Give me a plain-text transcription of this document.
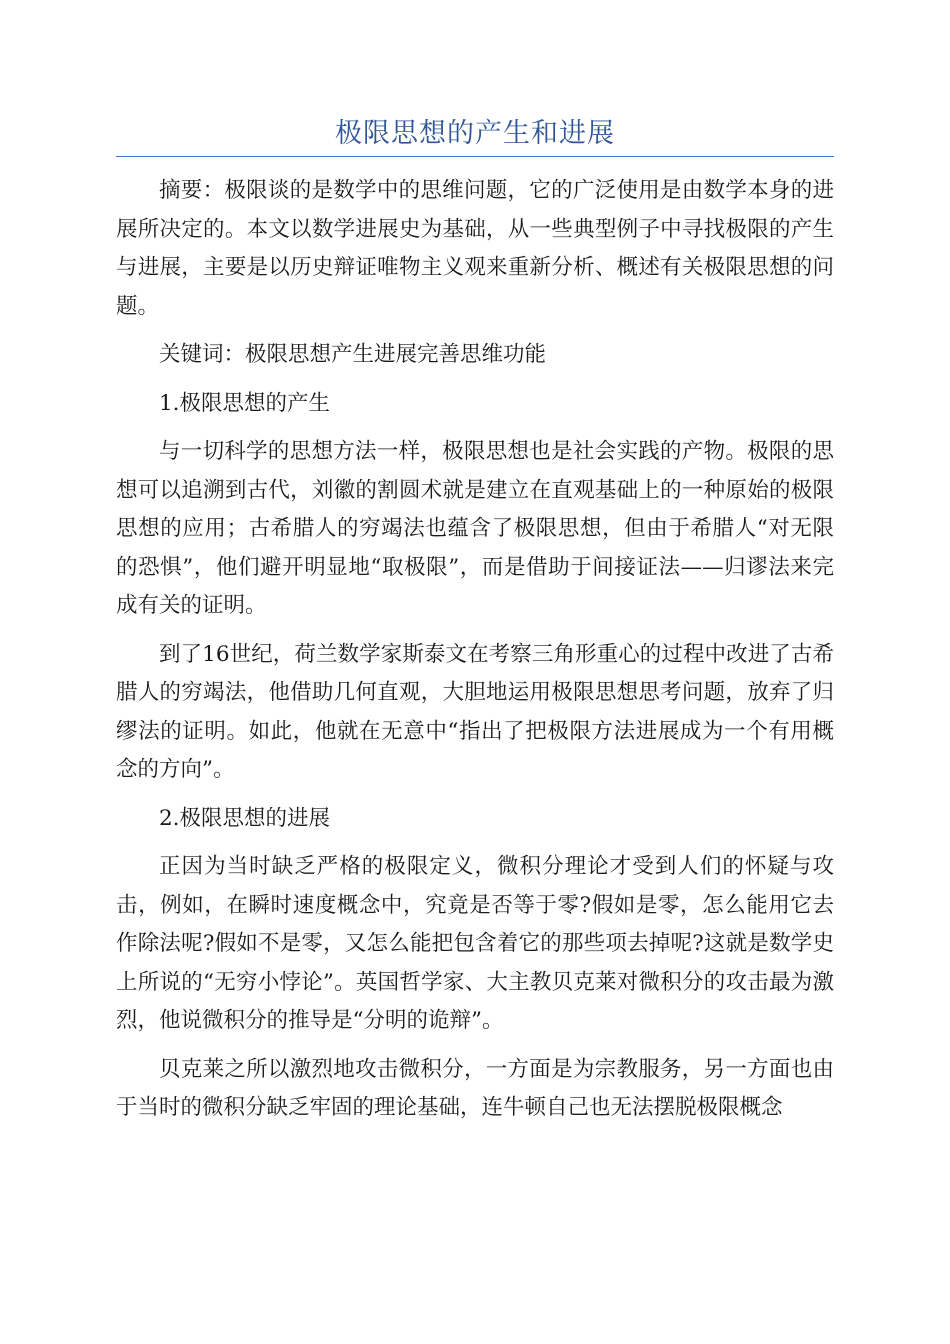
极限思想的产生和进展

摘要：极限谈的是数学中的思维问题，它的广泛使用是由数学本身的进展所决定的。本文以数学进展史为基础，从一些典型例子中寻找极限的产生与进展，主要是以历史辩证唯物主义观来重新分析、概述有关极限思想的问题。

关键词：极限思想产生进展完善思维功能

1.极限思想的产生

与一切科学的思想方法一样，极限思想也是社会实践的产物。极限的思想可以追溯到古代，刘徽的割圆术就是建立在直观基础上的一种原始的极限思想的应用；古希腊人的穷竭法也蕴含了极限思想，但由于希腊人“对无限的恐惧”，他们避开明显地“取极限”，而是借助于间接证法——归谬法来完成有关的证明。

到了16世纪，荷兰数学家斯泰文在考察三角形重心的过程中改进了古希腊人的穷竭法，他借助几何直观，大胆地运用极限思想思考问题，放弃了归缪法的证明。如此，他就在无意中“指出了把极限方法进展成为一个有用概念的方向”。

2.极限思想的进展

正因为当时缺乏严格的极限定义，微积分理论才受到人们的怀疑与攻击，例如，在瞬时速度概念中，究竟是否等于零?假如是零，怎么能用它去作除法呢?假如不是零，又怎么能把包含着它的那些项去掉呢?这就是数学史上所说的“无穷小悖论”。英国哲学家、大主教贝克莱对微积分的攻击最为激烈，他说微积分的推导是“分明的诡辩”。

贝克莱之所以激烈地攻击微积分，一方面是为宗教服务，另一方面也由于当时的微积分缺乏牢固的理论基础，连牛顿自己也无法摆脱极限概念
